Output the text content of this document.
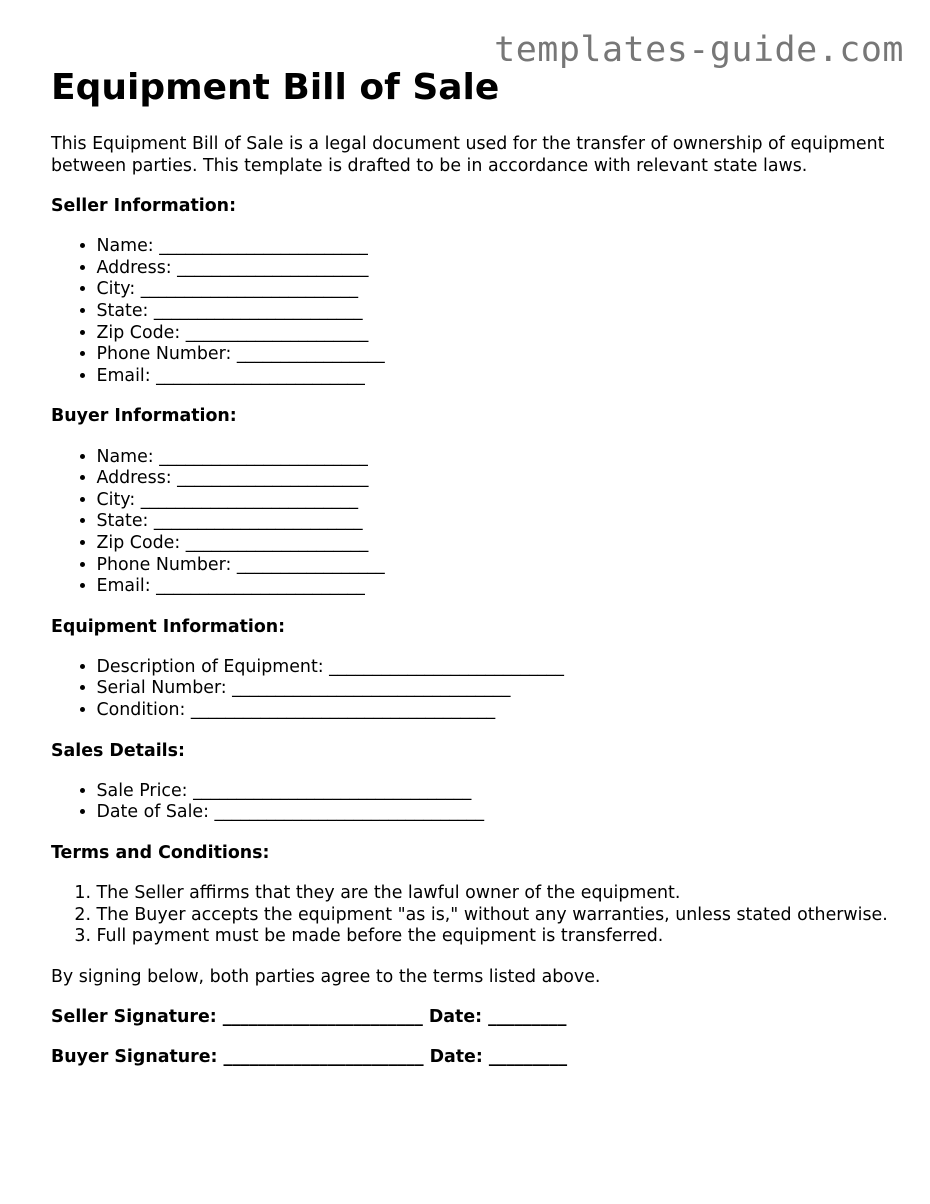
templates-guide.com
Equipment Bill of Sale

This Equipment Bill of Sale is a legal document used for the transfer of ownership of equipment between parties. This template is drafted to be in accordance with relevant state laws.

Seller Information:
• Name: ________________________
• Address: ______________________
• City: _________________________
• State: ________________________
• Zip Code: _____________________
• Phone Number: _________________
• Email: ________________________
Buyer Information:
• Name: ________________________
• Address: ______________________
• City: _________________________
• State: ________________________
• Zip Code: _____________________
• Phone Number: _________________
• Email: ________________________
Equipment Information:
• Description of Equipment: ___________________________
• Serial Number: ________________________________
• Condition: ___________________________________
Sales Details:
• Sale Price: ________________________________
• Date of Sale: _______________________________
Terms and Conditions:
1. The Seller affirms that they are the lawful owner of the equipment.
2. The Buyer accepts the equipment "as is," without any warranties, unless stated otherwise.
3. Full payment must be made before the equipment is transferred.

By signing below, both parties agree to the terms listed above.

Seller Signature: _______________________ Date: _________

Buyer Signature: _______________________ Date: _________
